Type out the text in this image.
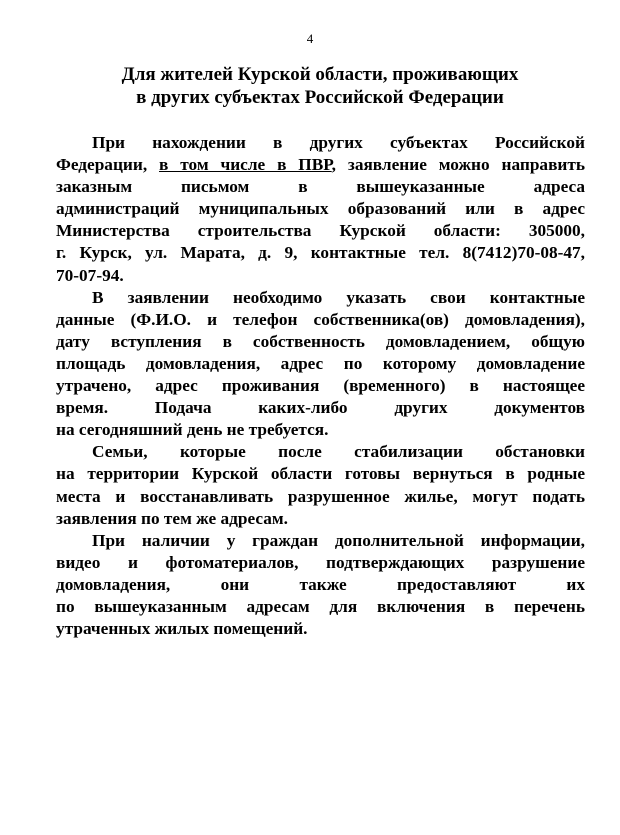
4
Для жителей Курской области, проживающих
в других субъектах Российской Федерации

При нахождении в других субъектах Российской
Федерации, в том числе в ПВР, заявление можно направить
заказным письмом в вышеуказанные адреса
администраций муниципальных образований или в адрес
Министерства строительства Курской области: 305000,
г. Курск, ул. Марата, д. 9, контактные тел. 8(7412)70-08-47,
70-07-94.

В заявлении необходимо указать свои контактные
данные (Ф.И.О. и телефон собственника(ов) домовладения),
дату вступления в собственность домовладением, общую
площадь домовладения, адрес по которому домовладение
утрачено, адрес проживания (временного) в настоящее
время. Подача каких-либо других документов
на сегодняшний день не требуется.

Семьи, которые после стабилизации обстановки
на территории Курской области готовы вернуться в родные
места и восстанавливать разрушенное жилье, могут подать
заявления по тем же адресам.

При наличии у граждан дополнительной информации,
видео и фотоматериалов, подтверждающих разрушение
домовладения, они также предоставляют их
по вышеуказанным адресам для включения в перечень
утраченных жилых помещений.
